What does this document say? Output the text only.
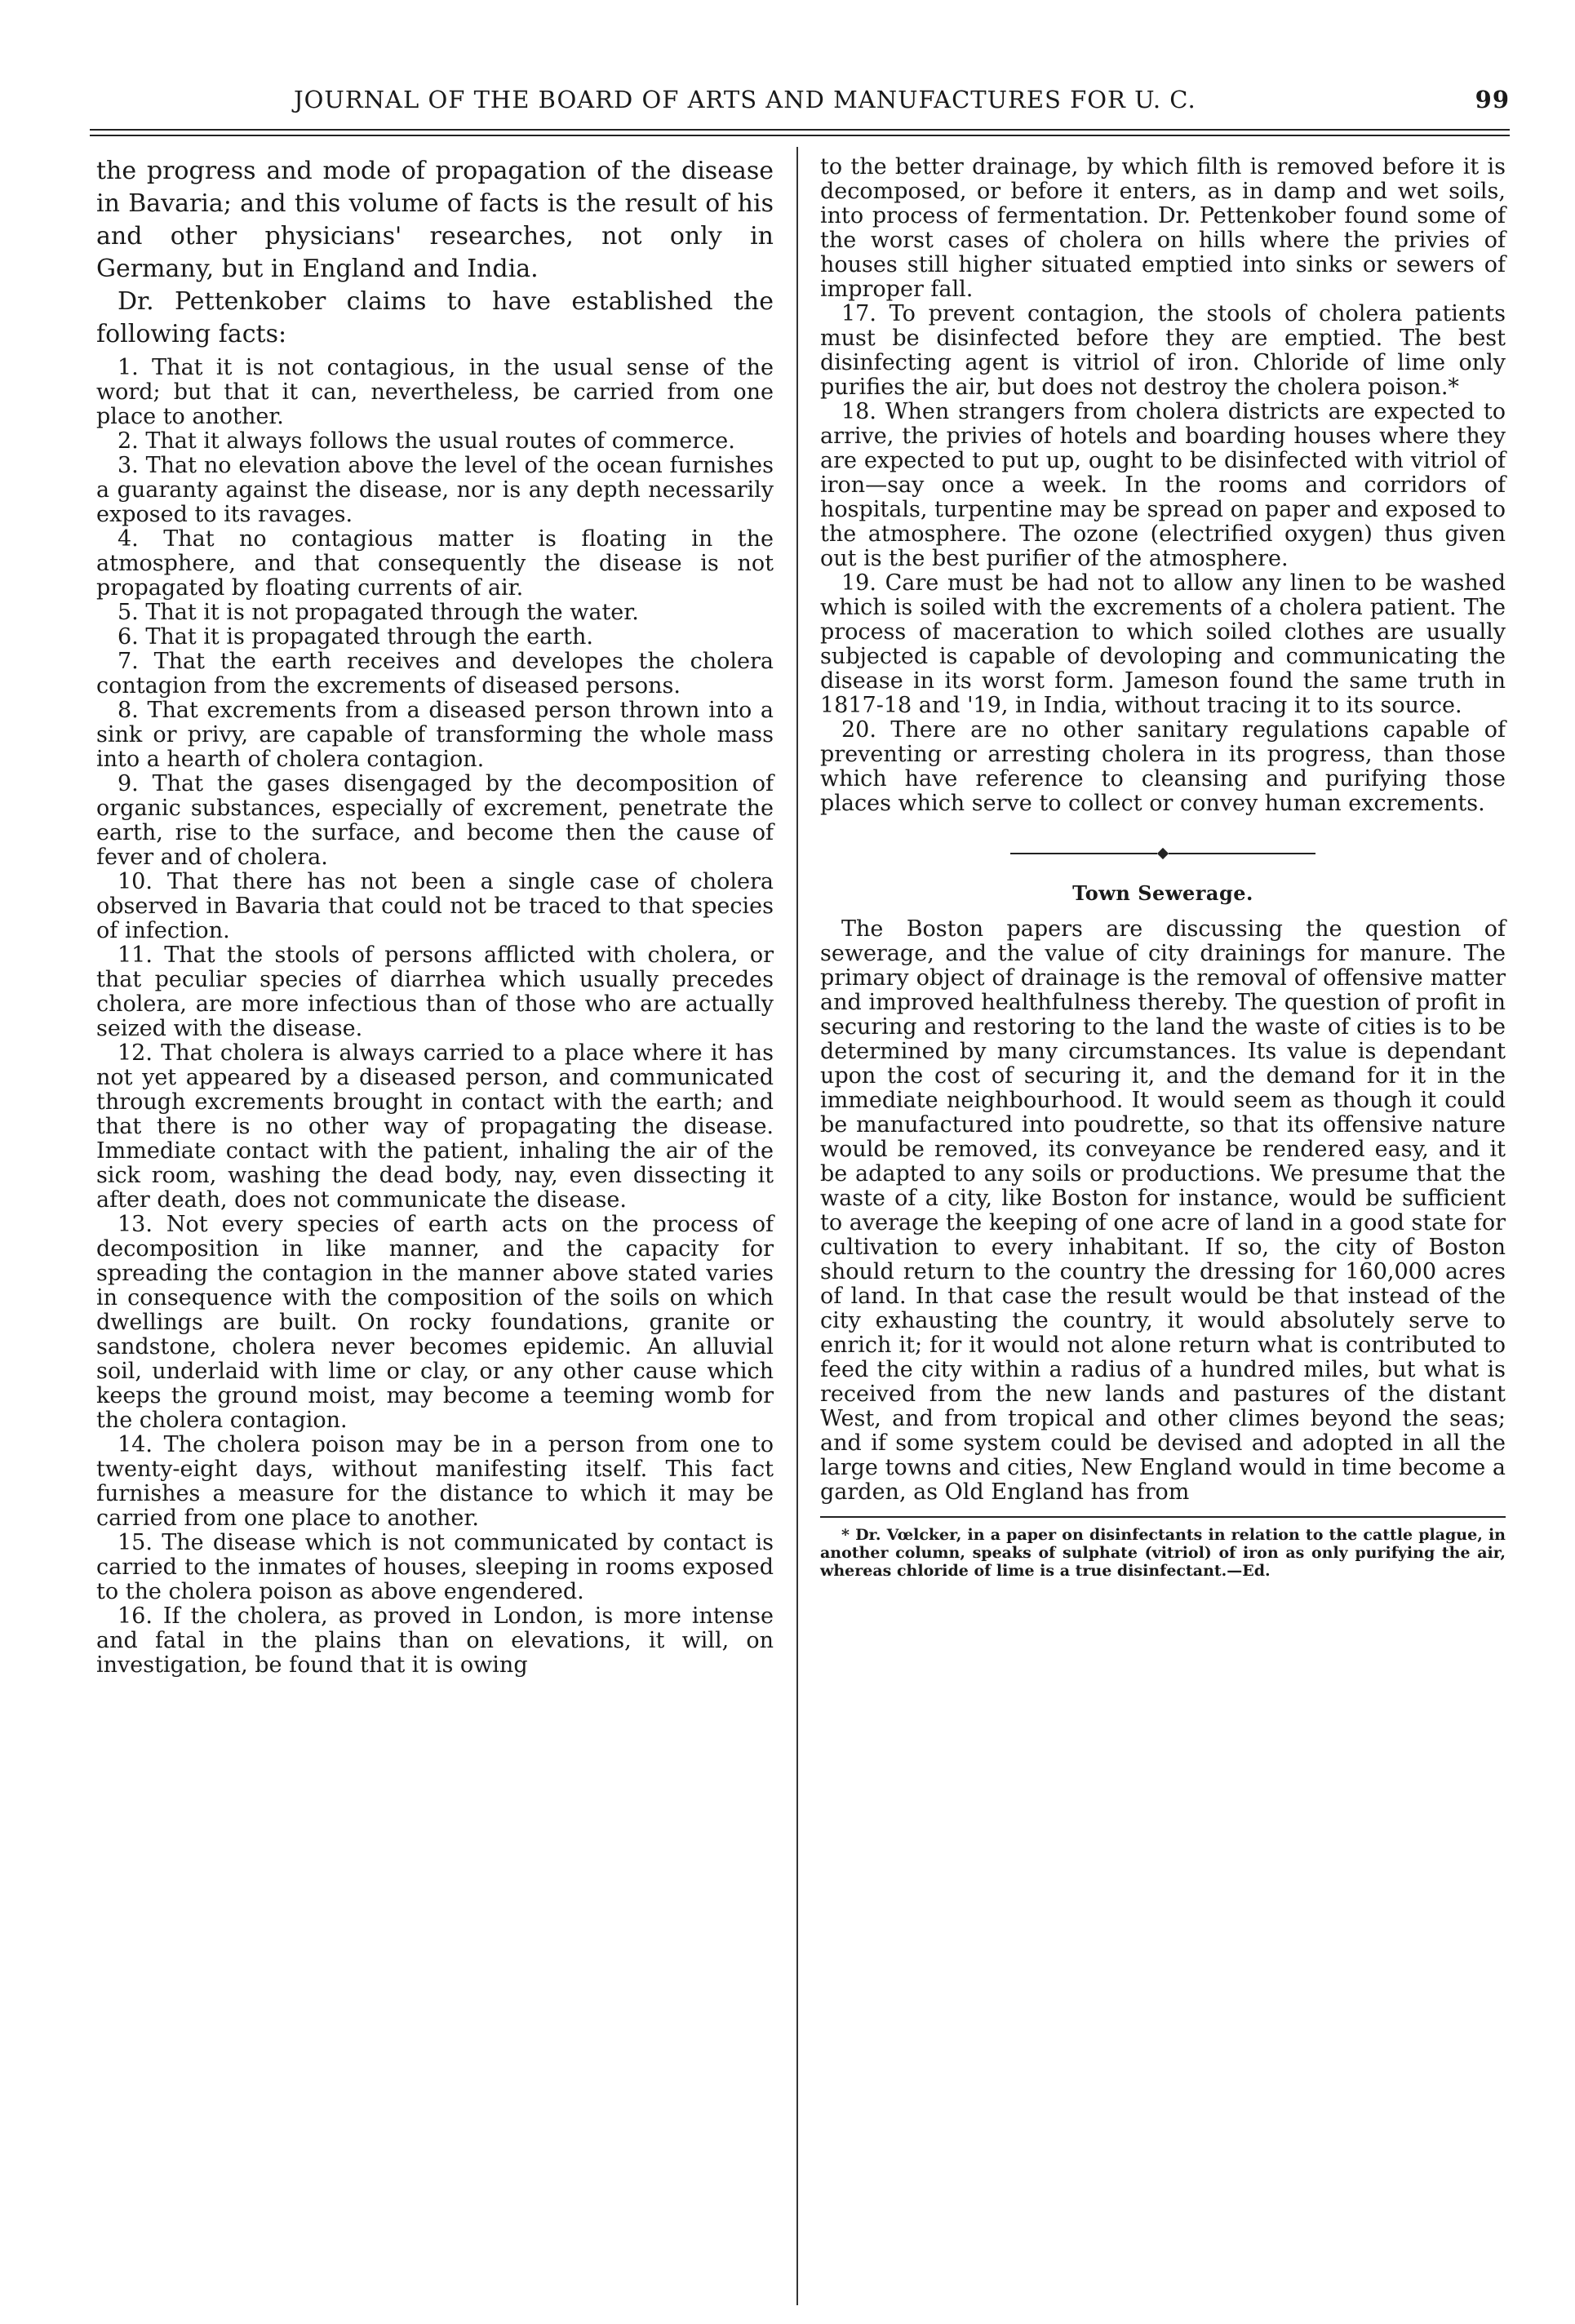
JOURNAL OF THE BOARD OF ARTS AND MANUFACTURES FOR U. C.	99

the progress and mode of propagation of the disease in Bavaria; and this volume of facts is the result of his and other physicians' researches, not only in Germany, but in England and India.

Dr. Pettenkober claims to have established the following facts:

1. That it is not contagious, in the usual sense of the word; but that it can, nevertheless, be carried from one place to another.

2. That it always follows the usual routes of commerce.

3. That no elevation above the level of the ocean furnishes a guaranty against the disease, nor is any depth necessarily exposed to its ravages.

4. That no contagious matter is floating in the atmosphere, and that consequently the disease is not propagated by floating currents of air.

5. That it is not propagated through the water.

6. That it is propagated through the earth.

7. That the earth receives and developes the cholera contagion from the excrements of diseased persons.

8. That excrements from a diseased person thrown into a sink or privy, are capable of transforming the whole mass into a hearth of cholera contagion.

9. That the gases disengaged by the decomposition of organic substances, especially of excrement, penetrate the earth, rise to the surface, and become then the cause of fever and of cholera.

10. That there has not been a single case of cholera observed in Bavaria that could not be traced to that species of infection.

11. That the stools of persons afflicted with cholera, or that peculiar species of diarrhea which usually precedes cholera, are more infectious than of those who are actually seized with the disease.

12. That cholera is always carried to a place where it has not yet appeared by a diseased person, and communicated through excrements brought in contact with the earth; and that there is no other way of propagating the disease. Immediate contact with the patient, inhaling the air of the sick room, washing the dead body, nay, even dissecting it after death, does not communicate the disease.

13. Not every species of earth acts on the process of decomposition in like manner, and the capacity for spreading the contagion in the manner above stated varies in consequence with the composition of the soils on which dwellings are built. On rocky foundations, granite or sandstone, cholera never becomes epidemic. An alluvial soil, underlaid with lime or clay, or any other cause which keeps the ground moist, may become a teeming womb for the cholera contagion.

14. The cholera poison may be in a person from one to twenty-eight days, without manifesting itself. This fact furnishes a measure for the distance to which it may be carried from one place to another.

15. The disease which is not communicated by contact is carried to the inmates of houses, sleeping in rooms exposed to the cholera poison as above engendered.

16. If the cholera, as proved in London, is more intense and fatal in the plains than on elevations, it will, on investigation, be found that it is owing

to the better drainage, by which filth is removed before it is decomposed, or before it enters, as in damp and wet soils, into process of fermentation. Dr. Pettenkober found some of the worst cases of cholera on hills where the privies of houses still higher situated emptied into sinks or sewers of improper fall.

17. To prevent contagion, the stools of cholera patients must be disinfected before they are emptied. The best disinfecting agent is vitriol of iron. Chloride of lime only purifies the air, but does not destroy the cholera poison.*

18. When strangers from cholera districts are expected to arrive, the privies of hotels and boarding houses where they are expected to put up, ought to be disinfected with vitriol of iron—say once a week. In the rooms and corridors of hospitals, turpentine may be spread on paper and exposed to the atmosphere. The ozone (electrified oxygen) thus given out is the best purifier of the atmosphere.

19. Care must be had not to allow any linen to be washed which is soiled with the excrements of a cholera patient. The process of maceration to which soiled clothes are usually subjected is capable of devoloping and communicating the disease in its worst form. Jameson found the same truth in 1817-18 and '19, in India, without tracing it to its source.

20. There are no other sanitary regulations capable of preventing or arresting cholera in its progress, than those which have reference to cleansing and purifying those places which serve to collect or convey human excrements.

Town Sewerage.

The Boston papers are discussing the question of sewerage, and the value of city drainings for manure. The primary object of drainage is the removal of offensive matter and improved healthfulness thereby. The question of profit in securing and restoring to the land the waste of cities is to be determined by many circumstances. Its value is dependant upon the cost of securing it, and the demand for it in the immediate neighbourhood. It would seem as though it could be manufactured into poudrette, so that its offensive nature would be removed, its conveyance be rendered easy, and it be adapted to any soils or productions. We presume that the waste of a city, like Boston for instance, would be sufficient to average the keeping of one acre of land in a good state for cultivation to every inhabitant. If so, the city of Boston should return to the country the dressing for 160,000 acres of land. In that case the result would be that instead of the city exhausting the country, it would absolutely serve to enrich it; for it would not alone return what is contributed to feed the city within a radius of a hundred miles, but what is received from the new lands and pastures of the distant West, and from tropical and other climes beyond the seas; and if some system could be devised and adopted in all the large towns and cities, New England would in time become a garden, as Old England has from

* Dr. Vœlcker, in a paper on disinfectants in relation to the cattle plague, in another column, speaks of sulphate (vitriol) of iron as only purifying the air, whereas chloride of lime is a true disinfectant.—Ed.
